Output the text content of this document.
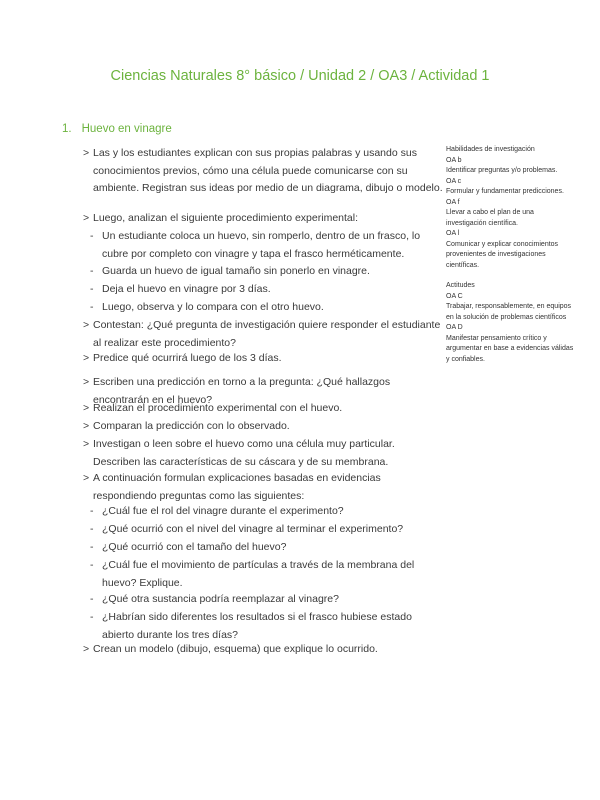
Ciencias Naturales 8° básico / Unidad 2 / OA3 / Actividad 1
1. Huevo en vinagre
> Las y los estudiantes explican con sus propias palabras y usando sus conocimientos previos, cómo una célula puede comunicarse con su ambiente. Registran sus ideas por medio de un diagrama, dibujo o modelo.
> Luego, analizan el siguiente procedimiento experimental:
- Un estudiante coloca un huevo, sin romperlo, dentro de un frasco, lo cubre por completo con vinagre y tapa el frasco herméticamente.
- Guarda un huevo de igual tamaño sin ponerlo en vinagre.
- Deja el huevo en vinagre por 3 días.
- Luego, observa y lo compara con el otro huevo.
> Contestan: ¿Qué pregunta de investigación quiere responder el estudiante al realizar este procedimiento?
> Predice qué ocurrirá luego de los 3 días.
> Escriben una predicción en torno a la pregunta: ¿Qué hallazgos encontrarán en el huevo?
> Realizan el procedimiento experimental con el huevo.
> Comparan la predicción con lo observado.
> Investigan o leen sobre el huevo como una célula muy particular. Describen las características de su cáscara y de su membrana.
> A continuación formulan explicaciones basadas en evidencias respondiendo preguntas como las siguientes:
- ¿Cuál fue el rol del vinagre durante el experimento?
- ¿Qué ocurrió con el nivel del vinagre al terminar el experimento?
- ¿Qué ocurrió con el tamaño del huevo?
- ¿Cuál fue el movimiento de partículas a través de la membrana del huevo? Explique.
- ¿Qué otra sustancia podría reemplazar al vinagre?
- ¿Habrían sido diferentes los resultados si el frasco hubiese estado abierto durante los tres días?
> Crean un modelo (dibujo, esquema) que explique lo ocurrido.
Habilidades de investigación
OA b
Identificar preguntas y/o problemas.
OA c
Formular y fundamentar predicciones.
OA f
Llevar a cabo el plan de una investigación científica.
OA l
Comunicar y explicar conocimientos provenientes de investigaciones científicas.
Actitudes
OA C
Trabajar, responsablemente, en equipos en la solución de problemas científicos
OA D
Manifestar pensamiento crítico y argumentar en base a evidencias válidas y confiables.
